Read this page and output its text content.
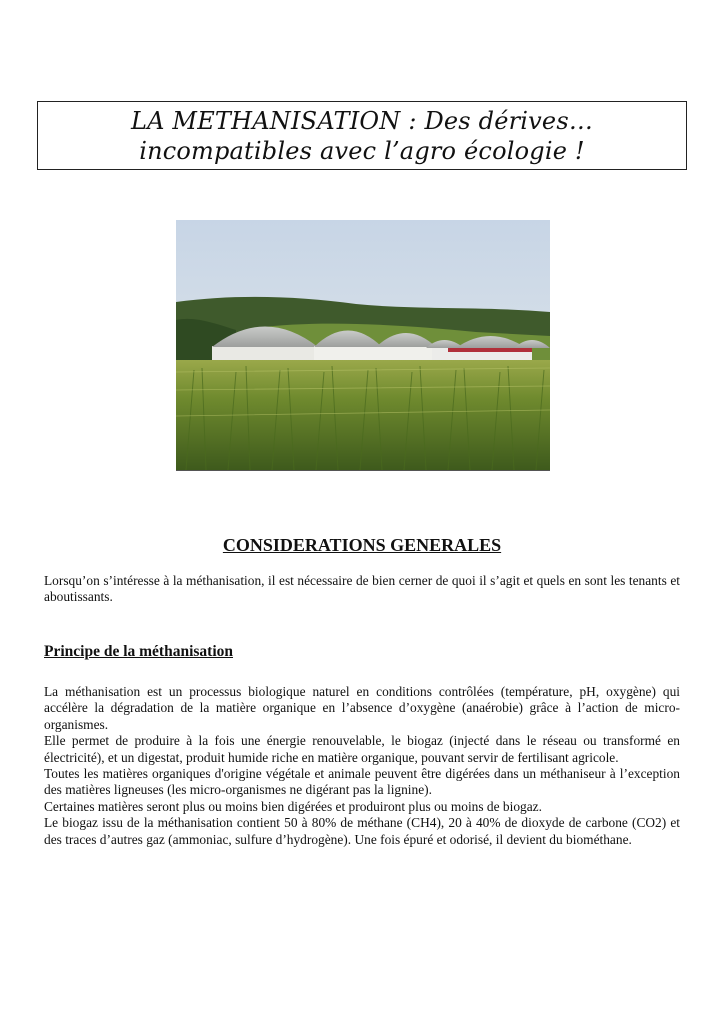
LA METHANISATION : Des dérives…
incompatibles avec l’agro écologie !
CONSIDERATIONS GENERALES
Lorsqu’on s’intéresse à la méthanisation, il est nécessaire de bien cerner de quoi il s’agit et quels en sont les tenants et aboutissants.
Principe de la méthanisation

La méthanisation est un processus biologique naturel en conditions contrôlées (température, pH, oxygène) qui accélère la dégradation de la matière organique en l’absence d’oxygène (anaérobie) grâce à l’action de micro-organismes.

Elle permet de produire à la fois une énergie renouvelable, le biogaz (injecté dans le réseau ou transformé en électricité), et un digestat, produit humide riche en matière organique, pouvant servir de fertilisant agricole.

Toutes les matières organiques d'origine végétale et animale peuvent être digérées dans un méthaniseur à l’exception des matières ligneuses (les micro-organismes ne digérant pas la lignine).

Certaines matières seront plus ou moins bien digérées et produiront plus ou moins de biogaz.

Le biogaz issu de la méthanisation contient 50 à 80% de méthane (CH4), 20 à 40% de dioxyde de carbone (CO2) et des traces d’autres gaz (ammoniac, sulfure d’hydrogène). Une fois épuré et odorisé, il devient du biométhane.
